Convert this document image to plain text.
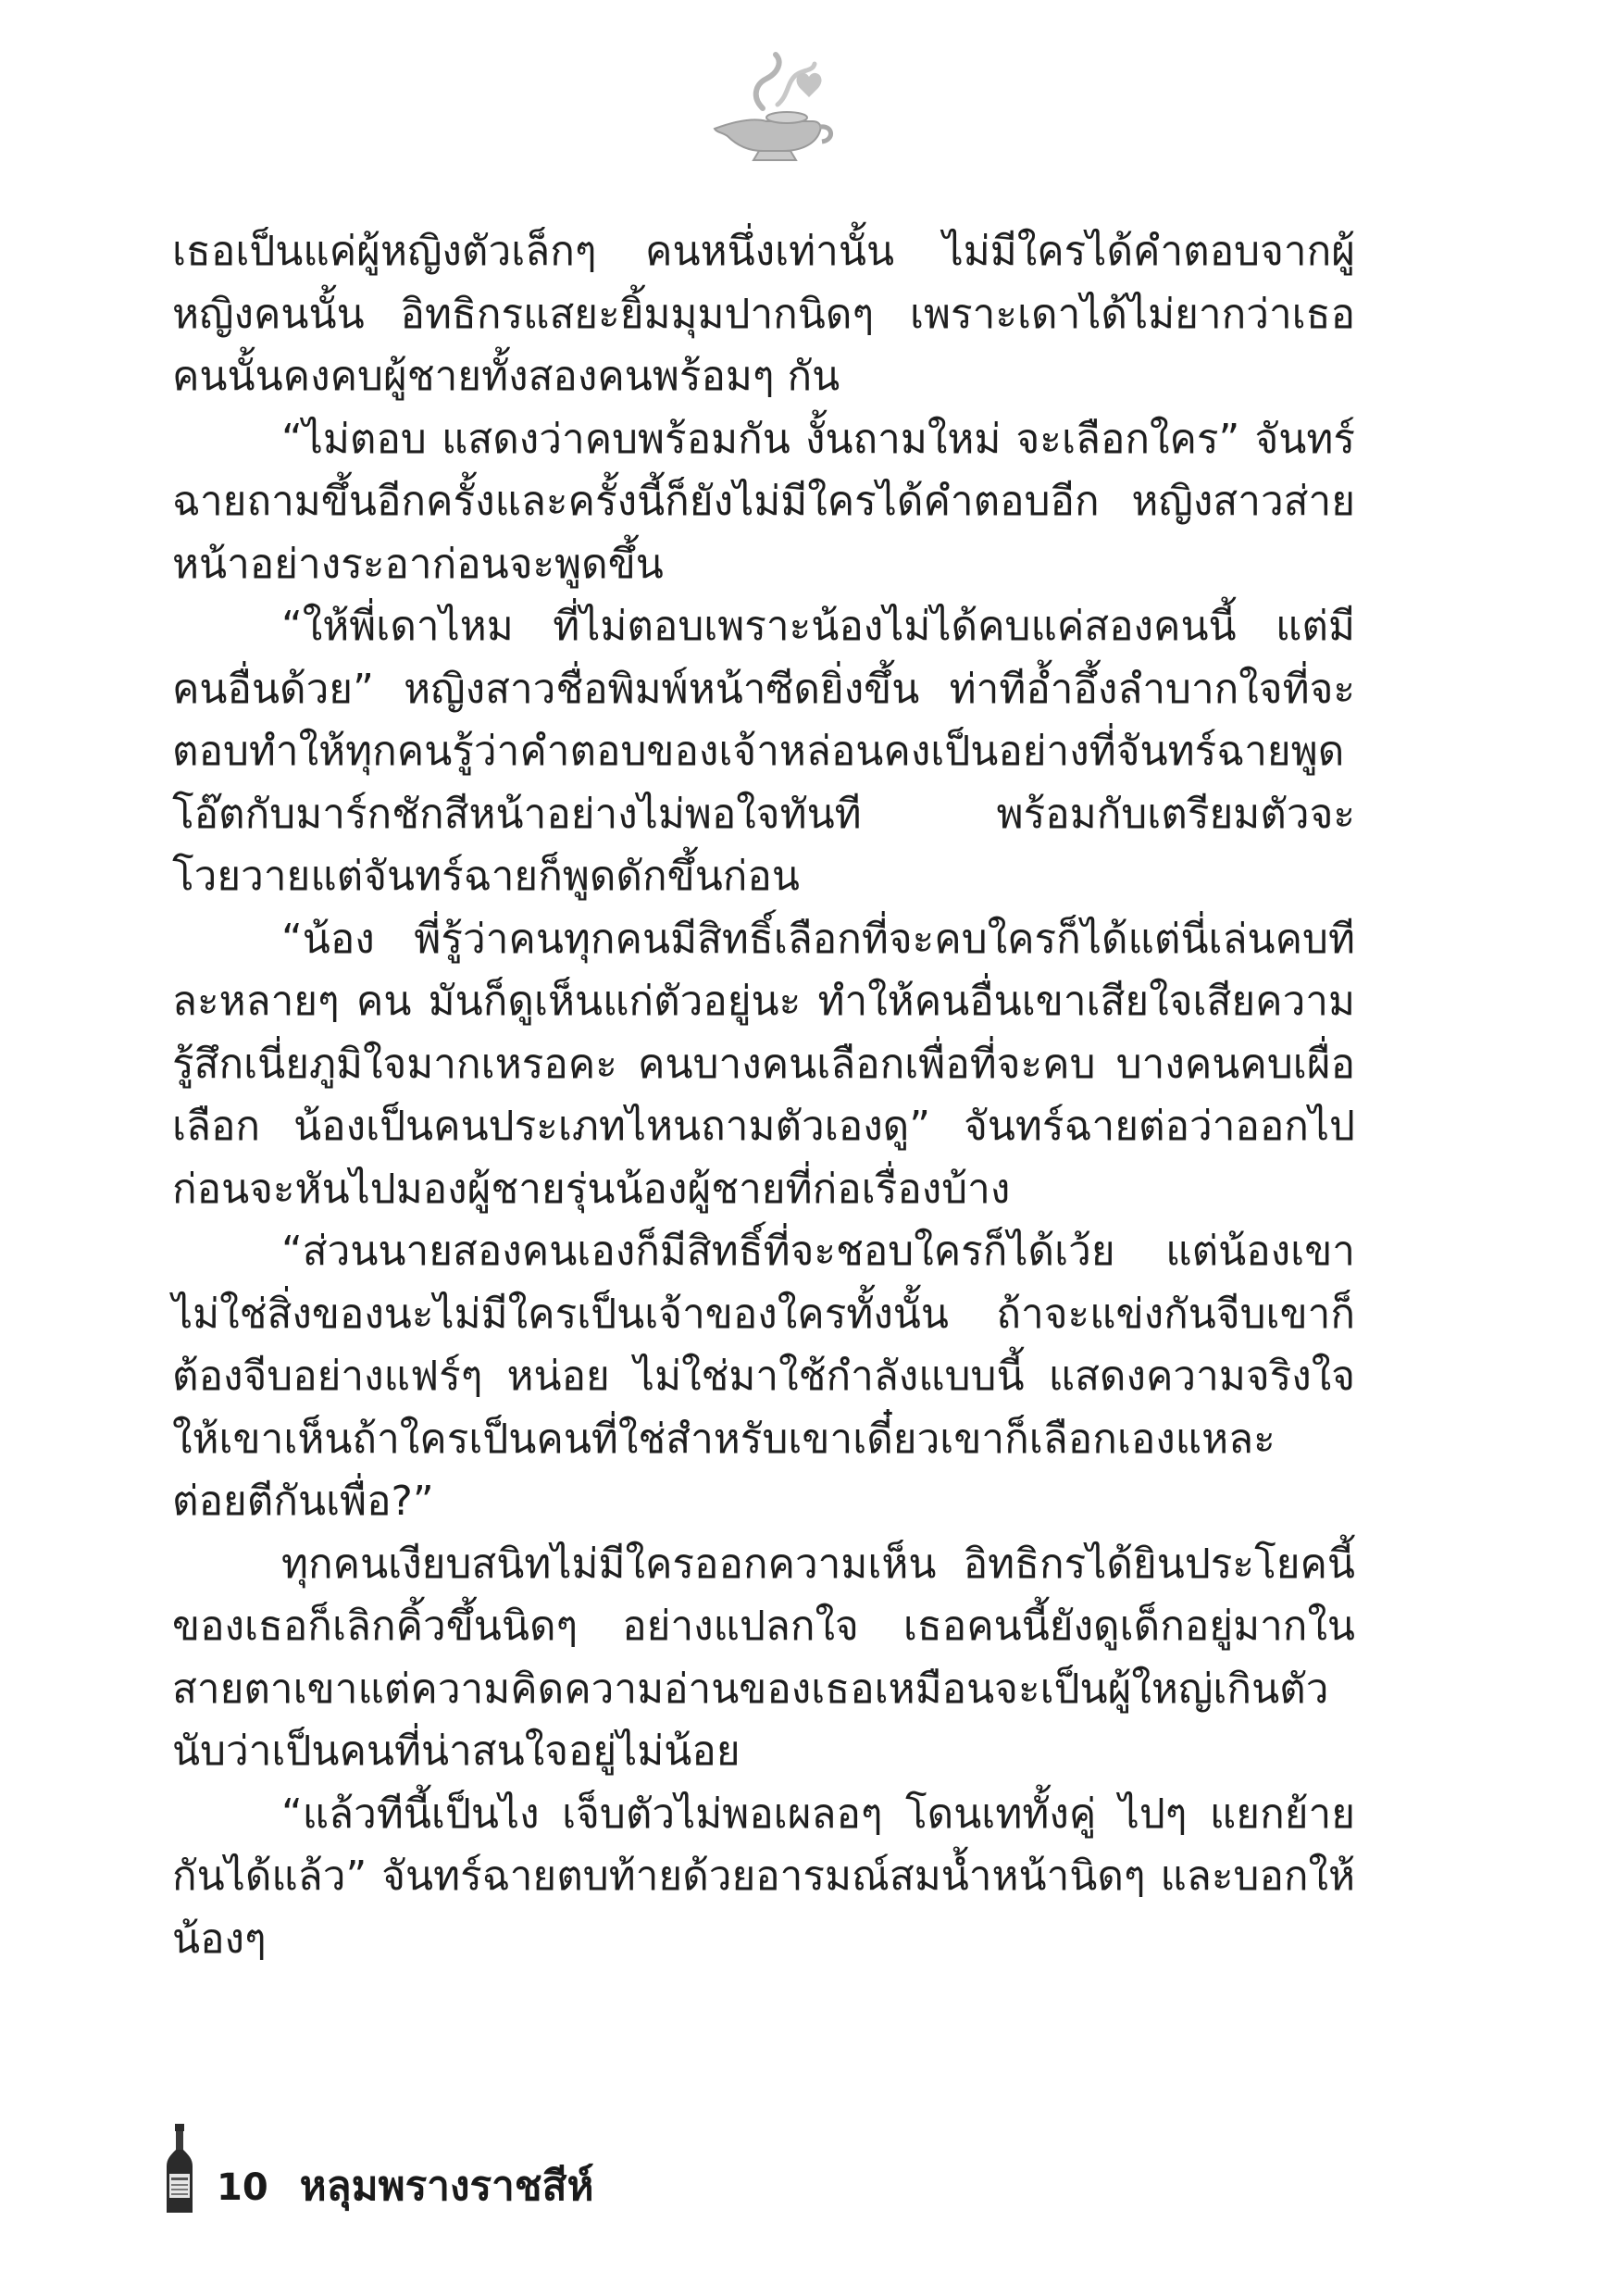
เธอเป็นแค่ผู้หญิงตัวเล็กๆ คนหนึ่งเท่านั้น ไม่มีใครได้คำตอบจากผู้หญิงคนนั้น อิทธิกรแสยะยิ้มมุมปากนิดๆ เพราะเดาได้ไม่ยากว่าเธอคนนั้นคงคบผู้ชายทั้งสองคนพร้อมๆ กัน

“ไม่ตอบ แสดงว่าคบพร้อมกัน งั้นถามใหม่ จะเลือกใคร” จันทร์ฉายถามขึ้นอีกครั้งและครั้งนี้ก็ยังไม่มีใครได้คำตอบอีก หญิงสาวส่ายหน้าอย่างระอาก่อนจะพูดขึ้น

“ให้พี่เดาไหม ที่ไม่ตอบเพราะน้องไม่ได้คบแค่สองคนนี้ แต่มีคนอื่นด้วย” หญิงสาวชื่อพิมพ์หน้าซีดยิ่งขึ้น ท่าทีอ้ำอึ้งลำบากใจที่จะตอบทำให้ทุกคนรู้ว่าคำตอบของเจ้าหล่อนคงเป็นอย่างที่จันทร์ฉายพูด โอ๊ตกับมาร์กชักสีหน้าอย่างไม่พอใจทันที พร้อมกับเตรียมตัวจะโวยวายแต่จันทร์ฉายก็พูดดักขึ้นก่อน

“น้อง พี่รู้ว่าคนทุกคนมีสิทธิ์เลือกที่จะคบใครก็ได้แต่นี่เล่นคบทีละหลายๆ คน มันก็ดูเห็นแก่ตัวอยู่นะ ทำให้คนอื่นเขาเสียใจเสียความรู้สึกเนี่ยภูมิใจมากเหรอคะ คนบางคนเลือกเพื่อที่จะคบ บางคนคบเผื่อเลือก น้องเป็นคนประเภทไหนถามตัวเองดู” จันทร์ฉายต่อว่าออกไปก่อนจะหันไปมองผู้ชายรุ่นน้องผู้ชายที่ก่อเรื่องบ้าง

“ส่วนนายสองคนเองก็มีสิทธิ์ที่จะชอบใครก็ได้เว้ย แต่น้องเขาไม่ใช่สิ่งของนะไม่มีใครเป็นเจ้าของใครทั้งนั้น ถ้าจะแข่งกันจีบเขาก็ต้องจีบอย่างแฟร์ๆ หน่อย ไม่ใช่มาใช้กำลังแบบนี้ แสดงความจริงใจให้เขาเห็นถ้าใครเป็นคนที่ใช่สำหรับเขาเดี๋ยวเขาก็เลือกเองแหละ ต่อยตีกันเพื่อ?”

ทุกคนเงียบสนิทไม่มีใครออกความเห็น อิทธิกรได้ยินประโยคนี้ของเธอก็เลิกคิ้วขึ้นนิดๆ อย่างแปลกใจ เธอคนนี้ยังดูเด็กอยู่มากในสายตาเขาแต่ความคิดความอ่านของเธอเหมือนจะเป็นผู้ใหญ่เกินตัวนับว่าเป็นคนที่น่าสนใจอยู่ไม่น้อย

“แล้วทีนี้เป็นไง เจ็บตัวไม่พอเผลอๆ โดนเททั้งคู่ ไปๆ แยกย้ายกันได้แล้ว” จันทร์ฉายตบท้ายด้วยอารมณ์สมน้ำหน้านิดๆ และบอกให้น้องๆ

10 หลุมพรางราชสีห์
